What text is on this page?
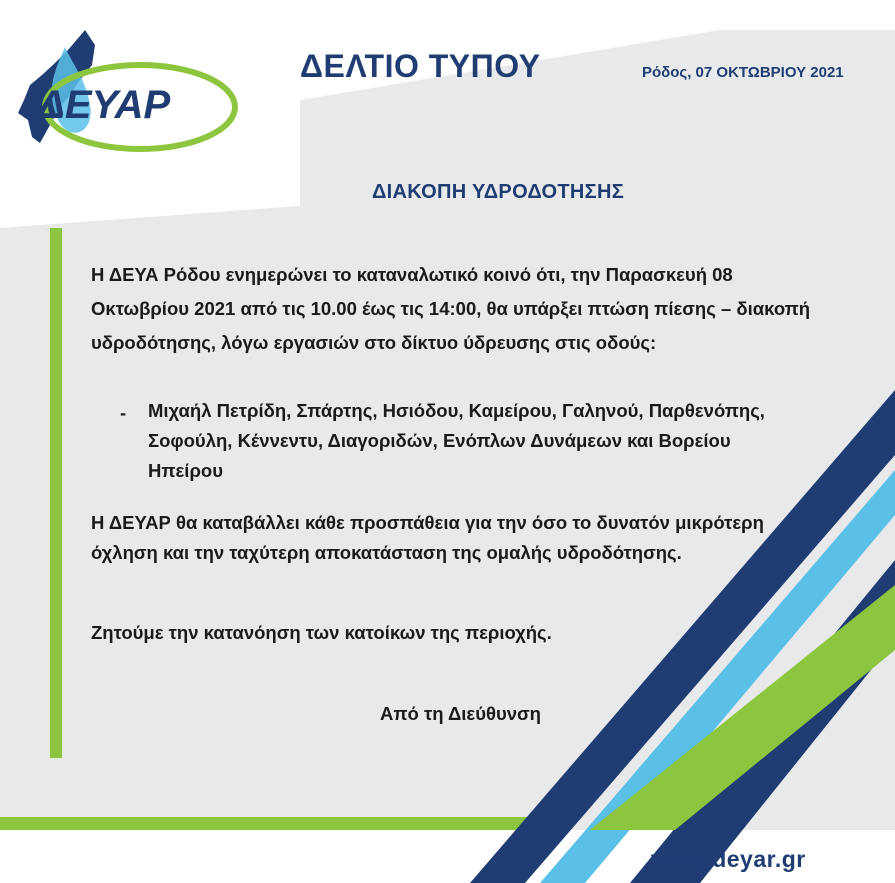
ΔΕΥΑΡ
ΔΕΛΤΙΟ ΤΥΠΟΥ	Ρόδος, 07 ΟΚΤΩΒΡΙΟΥ 2021
ΔΙΑΚΟΠΗ ΥΔΡΟΔΟΤΗΣΗΣ
Η ΔΕΥΑ Ρόδου ενημερώνει το καταναλωτικό κοινό ότι, την Παρασκευή 08 Οκτωβρίου 2021 από τις 10.00 έως τις 14:00, θα υπάρξει πτώση πίεσης – διακοπή υδροδότησης, λόγω εργασιών στο δίκτυο ύδρευσης στις οδούς:
- Μιχαήλ Πετρίδη, Σπάρτης, Ησιόδου, Καμείρου, Γαληνού, Παρθενόπης, Σοφούλη, Κέννεντυ, Διαγοριδών, Ενόπλων Δυνάμεων και Βορείου Ηπείρου
Η ΔΕΥΑΡ θα καταβάλλει κάθε προσπάθεια για την όσο το δυνατόν μικρότερη όχληση και την ταχύτερη αποκατάσταση της ομαλής υδροδότησης.
Ζητούμε την κατανόηση των κατοίκων της περιοχής.
Από τη Διεύθυνση
www.deyar.gr
